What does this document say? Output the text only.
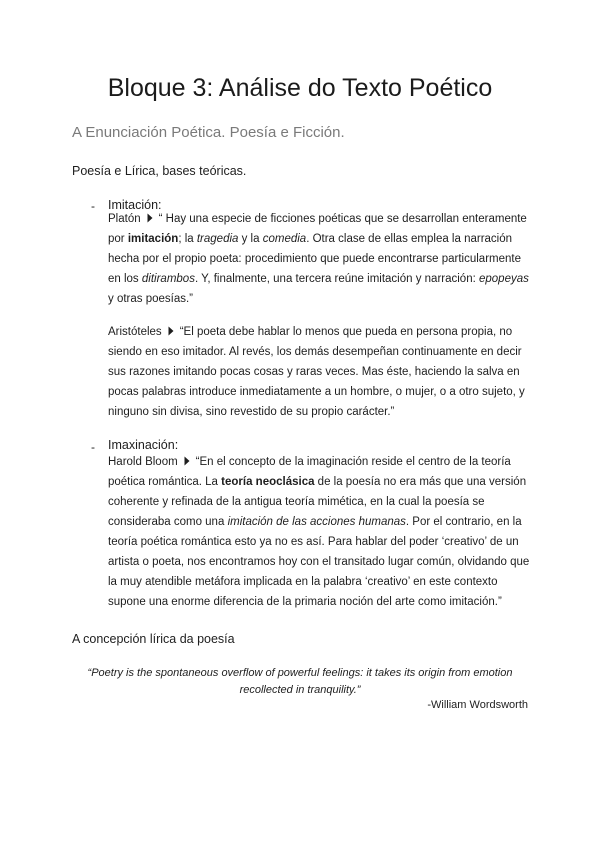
Bloque 3: Análise do Texto Poético

A Enunciación Poética. Poesía e Ficción.

Poesía e Lírica, bases teóricas.

- Imitación:

Platón “ Hay una especie de ficciones poéticas que se desarrollan enteramente por imitación; la tragedia y la comedia. Otra clase de ellas emplea la narración hecha por el propio poeta: procedimiento que puede encontrarse particularmente en los ditirambos. Y, finalmente, una tercera reúne imitación y narración: epopeyas y otras poesías.”

Aristóteles “El poeta debe hablar lo menos que pueda en persona propia, no siendo en eso imitador. Al revés, los demás desempeñan continuamente en decir sus razones imitando pocas cosas y raras veces. Mas éste, haciendo la salva en pocas palabras introduce inmediatamente a un hombre, o mujer, o a otro sujeto, y ninguno sin divisa, sino revestido de su propio carácter.”

- Imaxinación:

Harold Bloom “En el concepto de la imaginación reside el centro de la teoría poética romántica. La teoría neoclásica de la poesía no era más que una versión coherente y refinada de la antigua teoría mimética, en la cual la poesía se consideraba como una imitación de las acciones humanas. Por el contrario, en la teoría poética romántica esto ya no es así. Para hablar del poder ‘creativo’ de un artista o poeta, nos encontramos hoy con el transitado lugar común, olvidando que la muy atendible metáfora implicada en la palabra ‘creativo’ en este contexto supone una enorme diferencia de la primaria noción del arte como imitación.”

A concepción lírica da poesía

“Poetry is the spontaneous overflow of powerful feelings: it takes its origin from emotion recollected in tranquility.”

-William Wordsworth
